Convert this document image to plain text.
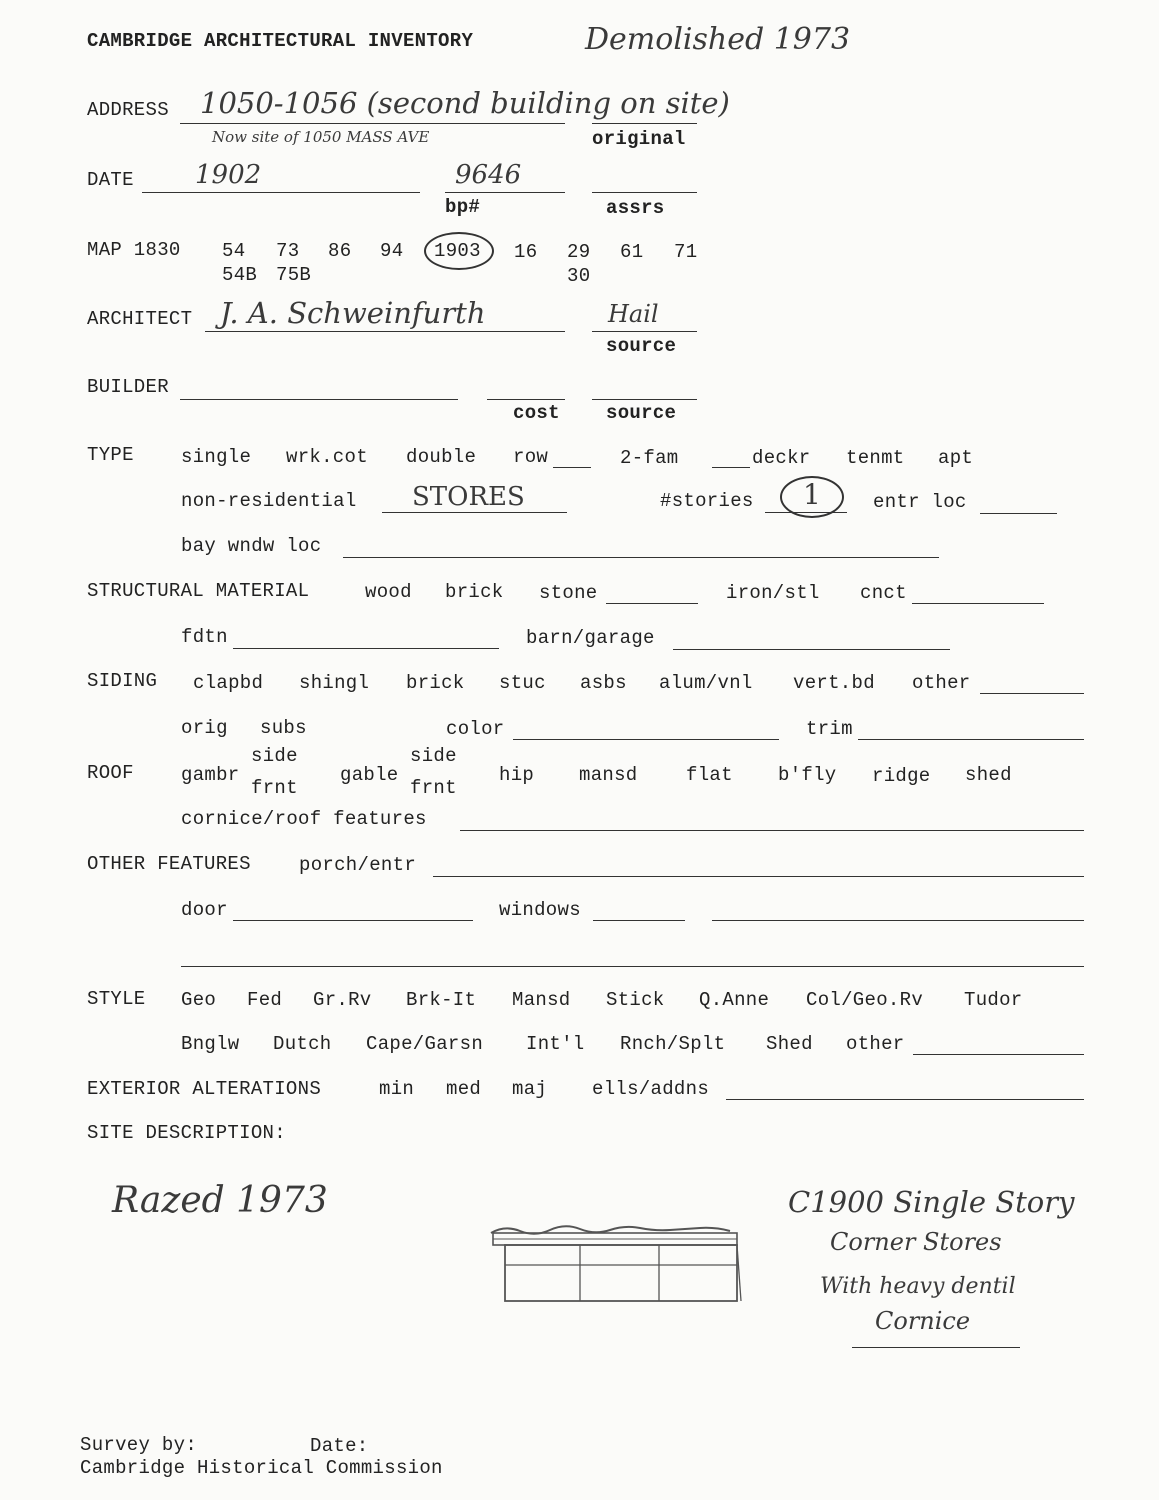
CAMBRIDGE ARCHITECTURAL INVENTORY	Demolished 1973
ADDRESS 1050-1056 (second building on site)
Now site of 1050 MASS AVE	original
DATE 1902	9646
bp#	assrs
MAP 1830 54 73 86 94 1903 16 29 61 71
54B 75B	30
ARCHITECT J. A. Schweinfurth	Hail
source
BUILDER
cost source
TYPE single wrk.cot double row	2-fam	deckr tenmt apt
non-residential STORES	#stories 1	entr loc
bay wndw loc
STRUCTURAL MATERIAL	wood brick stone	iron/stl cnct
fdtn	barn/garage
SIDING clapbd shingl brick stuc asbs alum/vnl vert.bd other
orig subs	color	trim
ROOF gambr
side
frnt
gable
side
frnt
hip mansd	flat b'fly ridge shed
cornice/roof features
OTHER FEATURES	porch/entr
door	windows
STYLE Geo Fed Gr.Rv Brk-It Mansd Stick Q.Anne Col/Geo.Rv Tudor
Bnglw Dutch Cape/Garsn Int'l Rnch/Splt Shed other
EXTERIOR ALTERATIONS	min med maj ells/addns
SITE DESCRIPTION:
Razed 1973	C1900 Single Story
Corner Stores
With heavy dentil
Cornice
Survey by:	Date:
Cambridge Historical Commission
